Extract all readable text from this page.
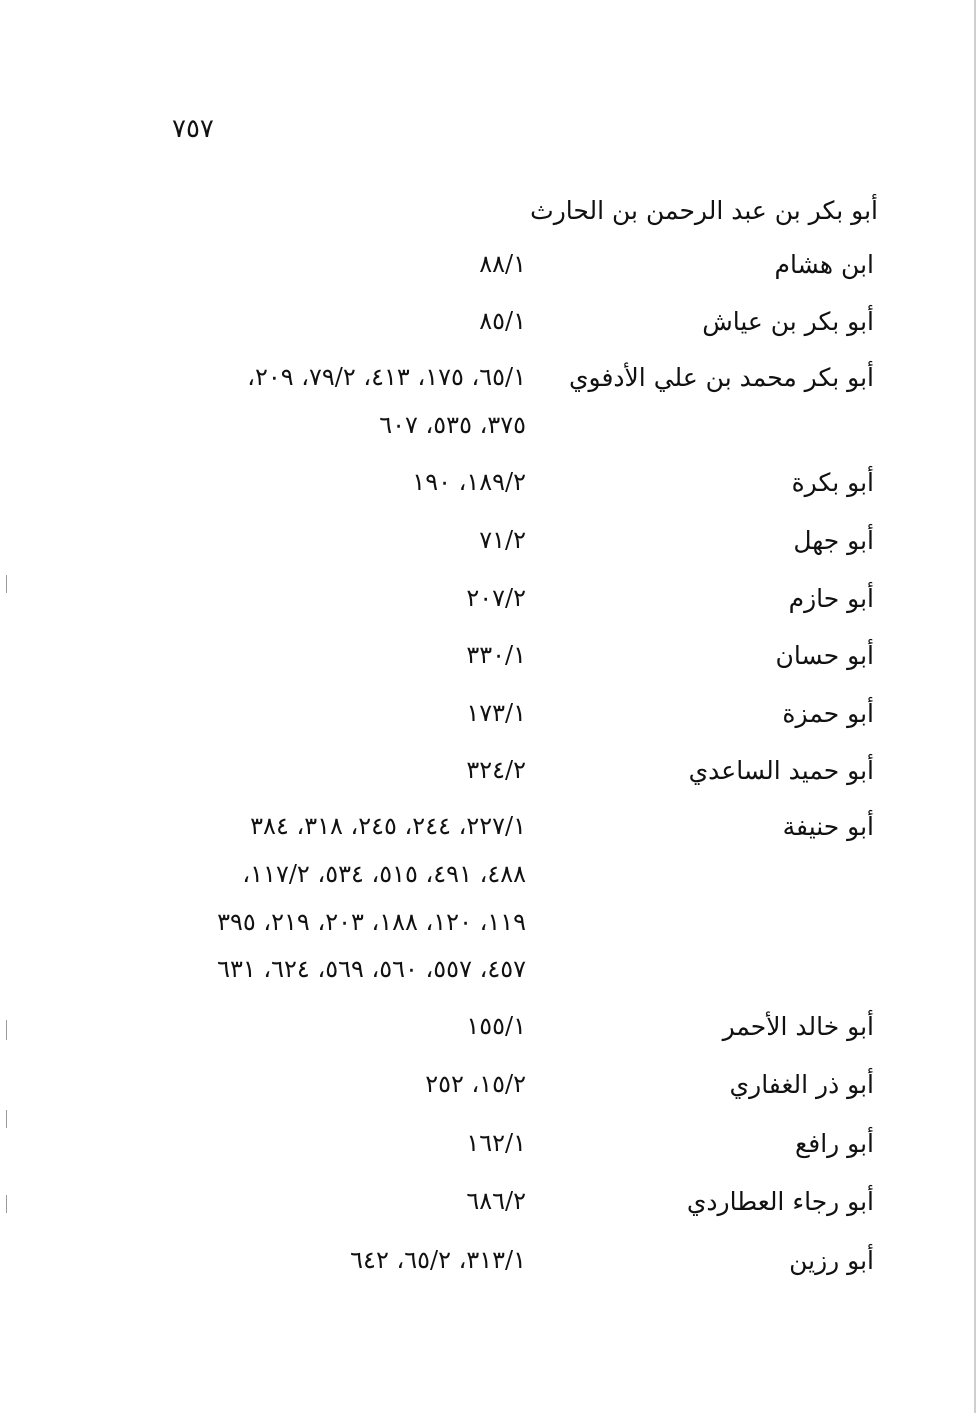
٧٥٧
أبو بكر بن عبد الرحمن بن الحارث
ابن هشام
٨٨/١
أبو بكر بن عياش
٨٥/١
أبو بكر محمد بن علي الأدفوي
٦٥/١، ١٧٥، ٤١٣، ٧٩/٢، ٢٠٩،
٣٧٥، ٥٣٥، ٦٠٧
أبو بكرة
١٨٩/٢، ١٩٠
أبو جهل
٧١/٢
أبو حازم
٢٠٧/٢
أبو حسان
٣٣٠/١
أبو حمزة
١٧٣/١
أبو حميد الساعدي
٣٢٤/٢
أبو حنيفة
٢٢٧/١، ٢٤٤، ٢٤٥، ٣١٨، ٣٨٤
٤٨٨، ٤٩١، ٥١٥، ٥٣٤، ١١٧/٢،
١١٩، ١٢٠، ١٨٨، ٢٠٣، ٢١٩، ٣٩٥
٤٥٧، ٥٥٧، ٥٦٠، ٥٦٩، ٦٢٤، ٦٣١
أبو خالد الأحمر
١٥٥/١
أبو ذر الغفاري
١٥/٢، ٢٥٢
أبو رافع
١٦٢/١
أبو رجاء العطاردي
٦٨٦/٢
أبو رزين
٣١٣/١، ٦٥/٢، ٦٤٢
